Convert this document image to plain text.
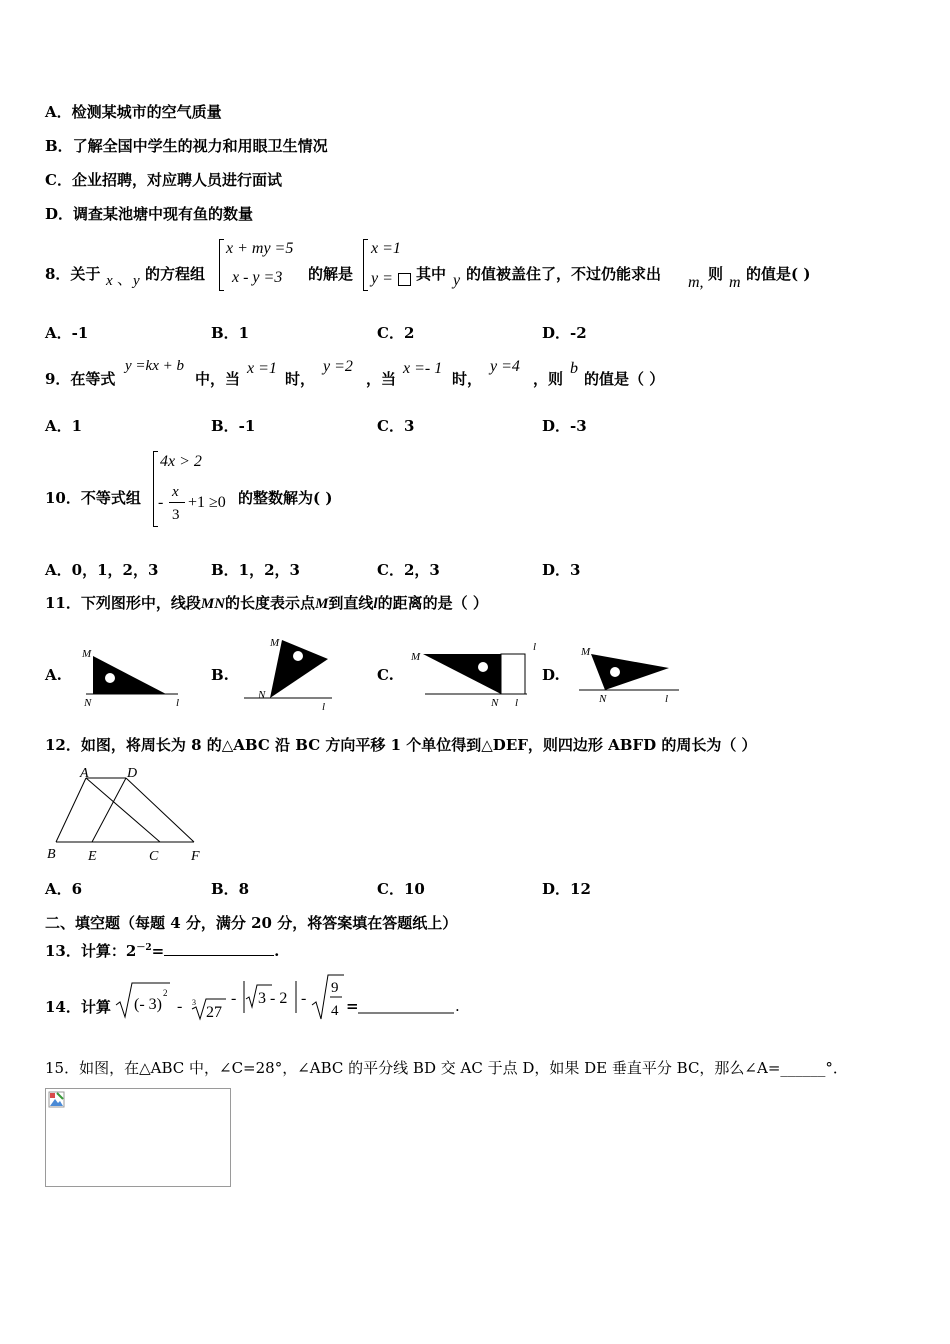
A．检测某城市的空气质量
B．了解全国中学生的视力和用眼卫生情况
C．企业招聘，对应聘人员进行面试
D．调查某池塘中现有鱼的数量
8．关于 x 、 y 的方程组
x + my =5
x - y =3 的解是
x =1
y = 其中 y 的值被盖住了，不过仍能求出 m, 则 m 的值是( )
A．-1	B．1	C．2	D．-2
9．在等式
y =kx + b
中，当
x =1
时，
y =2
，当
x =- 1
时，
y =4
，则
b
的值是（ ）
A．1	B．-1	C．3	D．-3
10．不等式组
4x > 2
-
x
3
+1 ≥0 的整数解为( )
A．0，1，2，3	B．1，2，3	C．2，3	D．3
11．下列图形中，线段MN的长度表示点M到直线l的距离的是（ ）
A.
M
N	l
B.
M
N
l
C.
M
N l
l
D.
M
N	l
12．如图，将周长为 8 的△ABC 沿 BC 方向平移 1 个单位得到△DEF，则四边形 ABFD 的周长为（ ）
A	D
B E	C F
A．6	B．8	C．10	D．12
二、填空题（每题 4 分，满分 20 分，将答案填在答题纸上）
13．计算：$2^{-2}=$	.
14．计算 (- 3)
2
- 3
27
- 3 - 2 -
9
4 =	.
15．如图，在△ABC 中，∠C=28°，∠ABC 的平分线 BD 交 AC 于点 D，如果 DE 垂直平分 BC，那么∠A=______°．
